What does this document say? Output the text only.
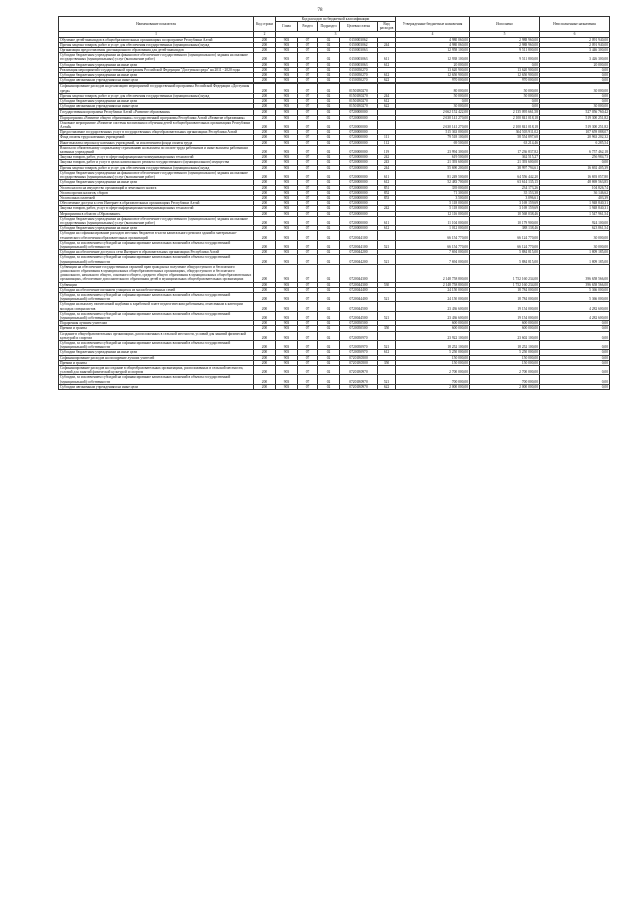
78
Наименование показателя	Код строки	Код расходов по бюджетной классификации					Утвержденные бюджетные назначения	Исполнено	Неисполненные назначения
		Глава	Раздел	Подраздел	Целевая статья	Вид расходов			
1	2	3					4	5	6
Обучение детей-инвалидов в общеобразовательных организациях по программе Республики Алтай	200	903	07	02	0150003062		4 980 060,00	2 988 960,00	2 091 940,00
Прочая закупка товаров, работ и услуг для обеспечения государственных (муниципальных) нужд	200	903	07	02	0150003062	244	4 980 060,00	2 988 960,00	2 091 940,00
Организация предоставления дистанционного образования для детей-инвалидов	200	903	07	02	0150003063		12 958 100,00	9 511 800,00	3 446 300,00
Субсидии бюджетным учреждениям на финансовое обеспечение государственного (муниципального) задания на оказание государственных (муниципальных) услуг (выполнение работ)	200	903	07	02	0150003063	611	12 938 100,00	9 511 800,00	3 426 300,00
Субсидии бюджетным учреждениям на иные цели	200	903	07	02	0150003063	612	20 000,00	0,00	20 000,00
Реализация мероприятий государственной программы Российской Федерации "Доступная среда" на 2011 - 2020 годы	200	903	07	02	0150050270		13 620 900,00	13 620 900,00	0,00
Субсидии бюджетным учреждениям на иные цели	200	903	07	02	0150050270	612	12 650 900,00	12 650 900,00	0,00
Субсидии автономным учреждениям на иные цели	200	903	07	02	0150050270	622	970 000,00	970 000,00	0,00

Софинансирование расходов на реализацию мероприятий государственной программы Российской Федерации «Доступная среда»	200	903	07	02	01501R0270		80 000,00	50 000,00	30 000,00
Прочая закупка товаров, работ и услуг для обеспечения государственных (муниципальных) нужд	200	903	07	02	01501R0270	244	50 000,00	50 000,00	0,00
Субсидии бюджетным учреждениям на иные цели	200	903	07	02	01501R0270	612	0,00	0,00	0,00
Субсидии автономным учреждениям на иные цели	200	903	07	02	01501R0270	622	30 000,00	0,00	30 000,00

Государственная программа Республики Алтай «Развитие образования»	200	903	07	02	0720000000		2 662 152 422,00	2 135 095 661,58	527 056 760,42
Подпрограмма «Развитие общего образования» государственной программы Республики Алтай «Развитие образования»	200	903	07	02	0720000000		2 630 141 270,00	2 100 841 018,18	519 300 251,82
Основное мероприятие «Развитие системы воспитания и обучения детей в общеобразовательных организациях Республики Алтай»	200	903	07	02	0720000000		2 630 141 270,00	2 100 841 018,18	519 300 251,82
Предоставление государственных услуг в государственных общеобразовательных организациях Республики Алтай	200	903	07	02	0720000000		515 363 000,00	364 503 911,02	107 659 088,07
Фонд оплаты труда казенных учреждений	200	903	07	02	0720000000	111	79 518 100,00	58 554 897,68	20 963 202,32
Иные выплаты персоналу казенных учреждений, за исключением фонда оплаты труда	200	903	07	02	0720000000	112	69 500,00	63 214,46	6 285,54
Взносы по обязательному социальному страхованию на выплаты по оплате труда работников и иные выплаты работникам казенных учреждений	200	903	07	02	0720000000	119	23 994 300,00	17 236 837,82	6 757 462,18
Закупка товаров, работ, услуг в сфере информационно-коммуникационных технологий	200	903	07	02	0720000000	242	619 500,00	362 515,27	256 984,73
Закупка товаров, работ и услуг в целях капитального ремонта государственного (муниципального) имущества	200	903	07	02	0720000000	243	21 393 600,00	21 393 600,00	0,00
Прочая закупка товаров, работ и услуг для обеспечения государственных (муниципальных) нужд	200	903	07	02	0720000000	244	55 690 200,00	38 997 794,61	16 692 405,39
Субсидии бюджетным учреждениям на финансовое обеспечение государственного (муниципального) задания на оказание государственных (муниципальных) услуг (выполнение работ)	200	903	07	02	0720000000	611	81 249 500,00	64 556 442,20	16 693 057,80
Субсидии бюджетным учреждениям на иные цели	200	903	07	02	0720000000	612	52 483 700,00	63 614 135,15	48 869 563,85
Уплата налога на имущество организаций и земельного налога	200	903	07	02	0720000000	851	339 000,00	234 173,26	104 826,74
Уплата прочих налогов, сборов	200	903	07	02	0720000000	852	71 300,00	35 153,38	36 146,62
Уплата иных платежей	200	903	07	02	0720000000	853	3 500,00	3 096,61	403,39
Обеспечение доступа к сети Интернет в образовательных организациях Республики Алтай	200	903	07	02	0720000000		5 118 000,00	3 169 159,69	1 948 840,31
Закупка товаров, работ, услуг в сфере информационно-коммуникационных технологий	200	903	07	02	0720000000	242	5 118 000,00	3 169 159,69	1 948 840,31
Мероприятия в области «Образование»	200	903	07	02	0720000000		12 116 000,00	10 568 038,46	1 547 961,54
Субсидии бюджетным учреждениям на финансовое обеспечение государственного (муниципального) задания на оказание государственных (муниципальных) услуг (выполнение работ)	200	903	07	02	0720000000	611	11 104 000,00	10 179 900,00	924 100,00
Субсидии бюджетным учреждениям на иные цели	200	903	07	02	0720000000	612	1 012 000,00	388 138,46	623 861,54
Субсидии на софинансирование расходов местных бюджетов в части капитального ремонта зданий и материально-технического обеспечения образовательных организаций	200	903	07	02	0720044100		66 154 770,00	66 124 770,00	30 000,00
Субсидии, за исключением субсидий на софинансирование капитальных вложений в объекты государственной (муниципальной) собственности	200	903	07	02	0720044100	521	66 154 770,00	66 124 770,00	30 000,00
Субсидии на обеспечение доступа к сети Интернет в образовательных организациях Республики Алтай	200	903	07	02	0720044200		7 694 000,00	5 884 815,00	1 809 185,00
Субсидии, за исключением субсидий на софинансирование капитальных вложений в объекты государственной (муниципальной) собственности	200	903	07	02	0720044200	521	7 694 000,00	5 884 815,00	1 809 185,00
Субвенции на обеспечение государственных гарантий прав граждан на получение общедоступного и бесплатного дошкольного образования в муниципальных общеобразовательных организациях, общедоступного и бесплатного дошкольного, начального общего, основного общего, среднего общего образования в муниципальных общеобразовательных организациях, обеспечение дополнительного образования детей в муниципальных общеобразовательных организациях	200	903	07	02	0720044300		2 148 758 800,00	1 752 160 234,00	396 658 566,00
Субвенции	200	903	07	02	0720044300	530	2 148 758 800,00	1 752 160 234,00	396 658 566,00
Субсидии на обеспечение питанием учащихся из малообеспеченных семей	200	903	07	02	0720044400		24 150 000,00	18 784 000,00	5 366 000,00
Субсидии, за исключением субсидий на софинансирование капитальных вложений в объекты государственной (муниципальной) собственности	200	903	07	02	0720044400	521	24 150 000,00	18 784 000,00	5 366 000,00
Субсидии на выплату ежемесячной надбавки к заработной плате педагогическим работникам, отнесенным к категории молодых специалистов	200	903	07	02	0720044500		23 436 600,00	19 154 000,00	4 282 600,00
Субсидии, за исключением субсидий на софинансирование капитальных вложений в объекты государственной (муниципальной) собственности	200	903	07	02	0720044500	521	23 436 600,00	19 154 000,00	4 282 600,00
Подарочная лучшим учителям	200	903	07	02	0720050500		600 000,00	600 000,00	0,00
Премии и гранты	200	903	07	02	0720050500	350	600 000,00	600 000,00	0,00
Создание в общеобразовательных организациях, расположенных в сельской местности, условий для занятий физической культурой и спортом	200	903	07	02	0720050970		23 922 100,00	23 602 100,00	0,00
Субсидии, за исключением субсидий на софинансирование капитальных вложений в объекты государственной (муниципальной) собственности	200	903	07	02	0720050970	521	18 252 100,00	18 252 100,00	0,00
Субсидии бюджетным учреждениям на иные цели	200	903	07	02	0720050970	612	5 250 000,00	5 250 000,00	0,00
Софинансирование расходов на поощрение лучших учителей	200	903	07	02	07201R0500		150 000,00	150 000,00	0,00
Премии и гранты	200	903	07	02	07201R0500	350	150 000,00	150 000,00	0,00
Софинансирование расходов на создание в общеобразовательных организациях, расположенных в сельской местности, условий для занятий физической культурой и спортом	200	903	07	02	07201R0970		2 700 000,00	2 700 000,00	0,00
Субсидии, за исключением субсидий на софинансирование капитальных вложений в объекты государственной (муниципальной) собственности	200	903	07	02	07201R0970	521	700 000,00	700 000,00	0,00
Субсидии автономным учреждениям на иные цели	200	903	07	02	07201R0970	622	2 000 000,00	2 000 000,00	0,00
